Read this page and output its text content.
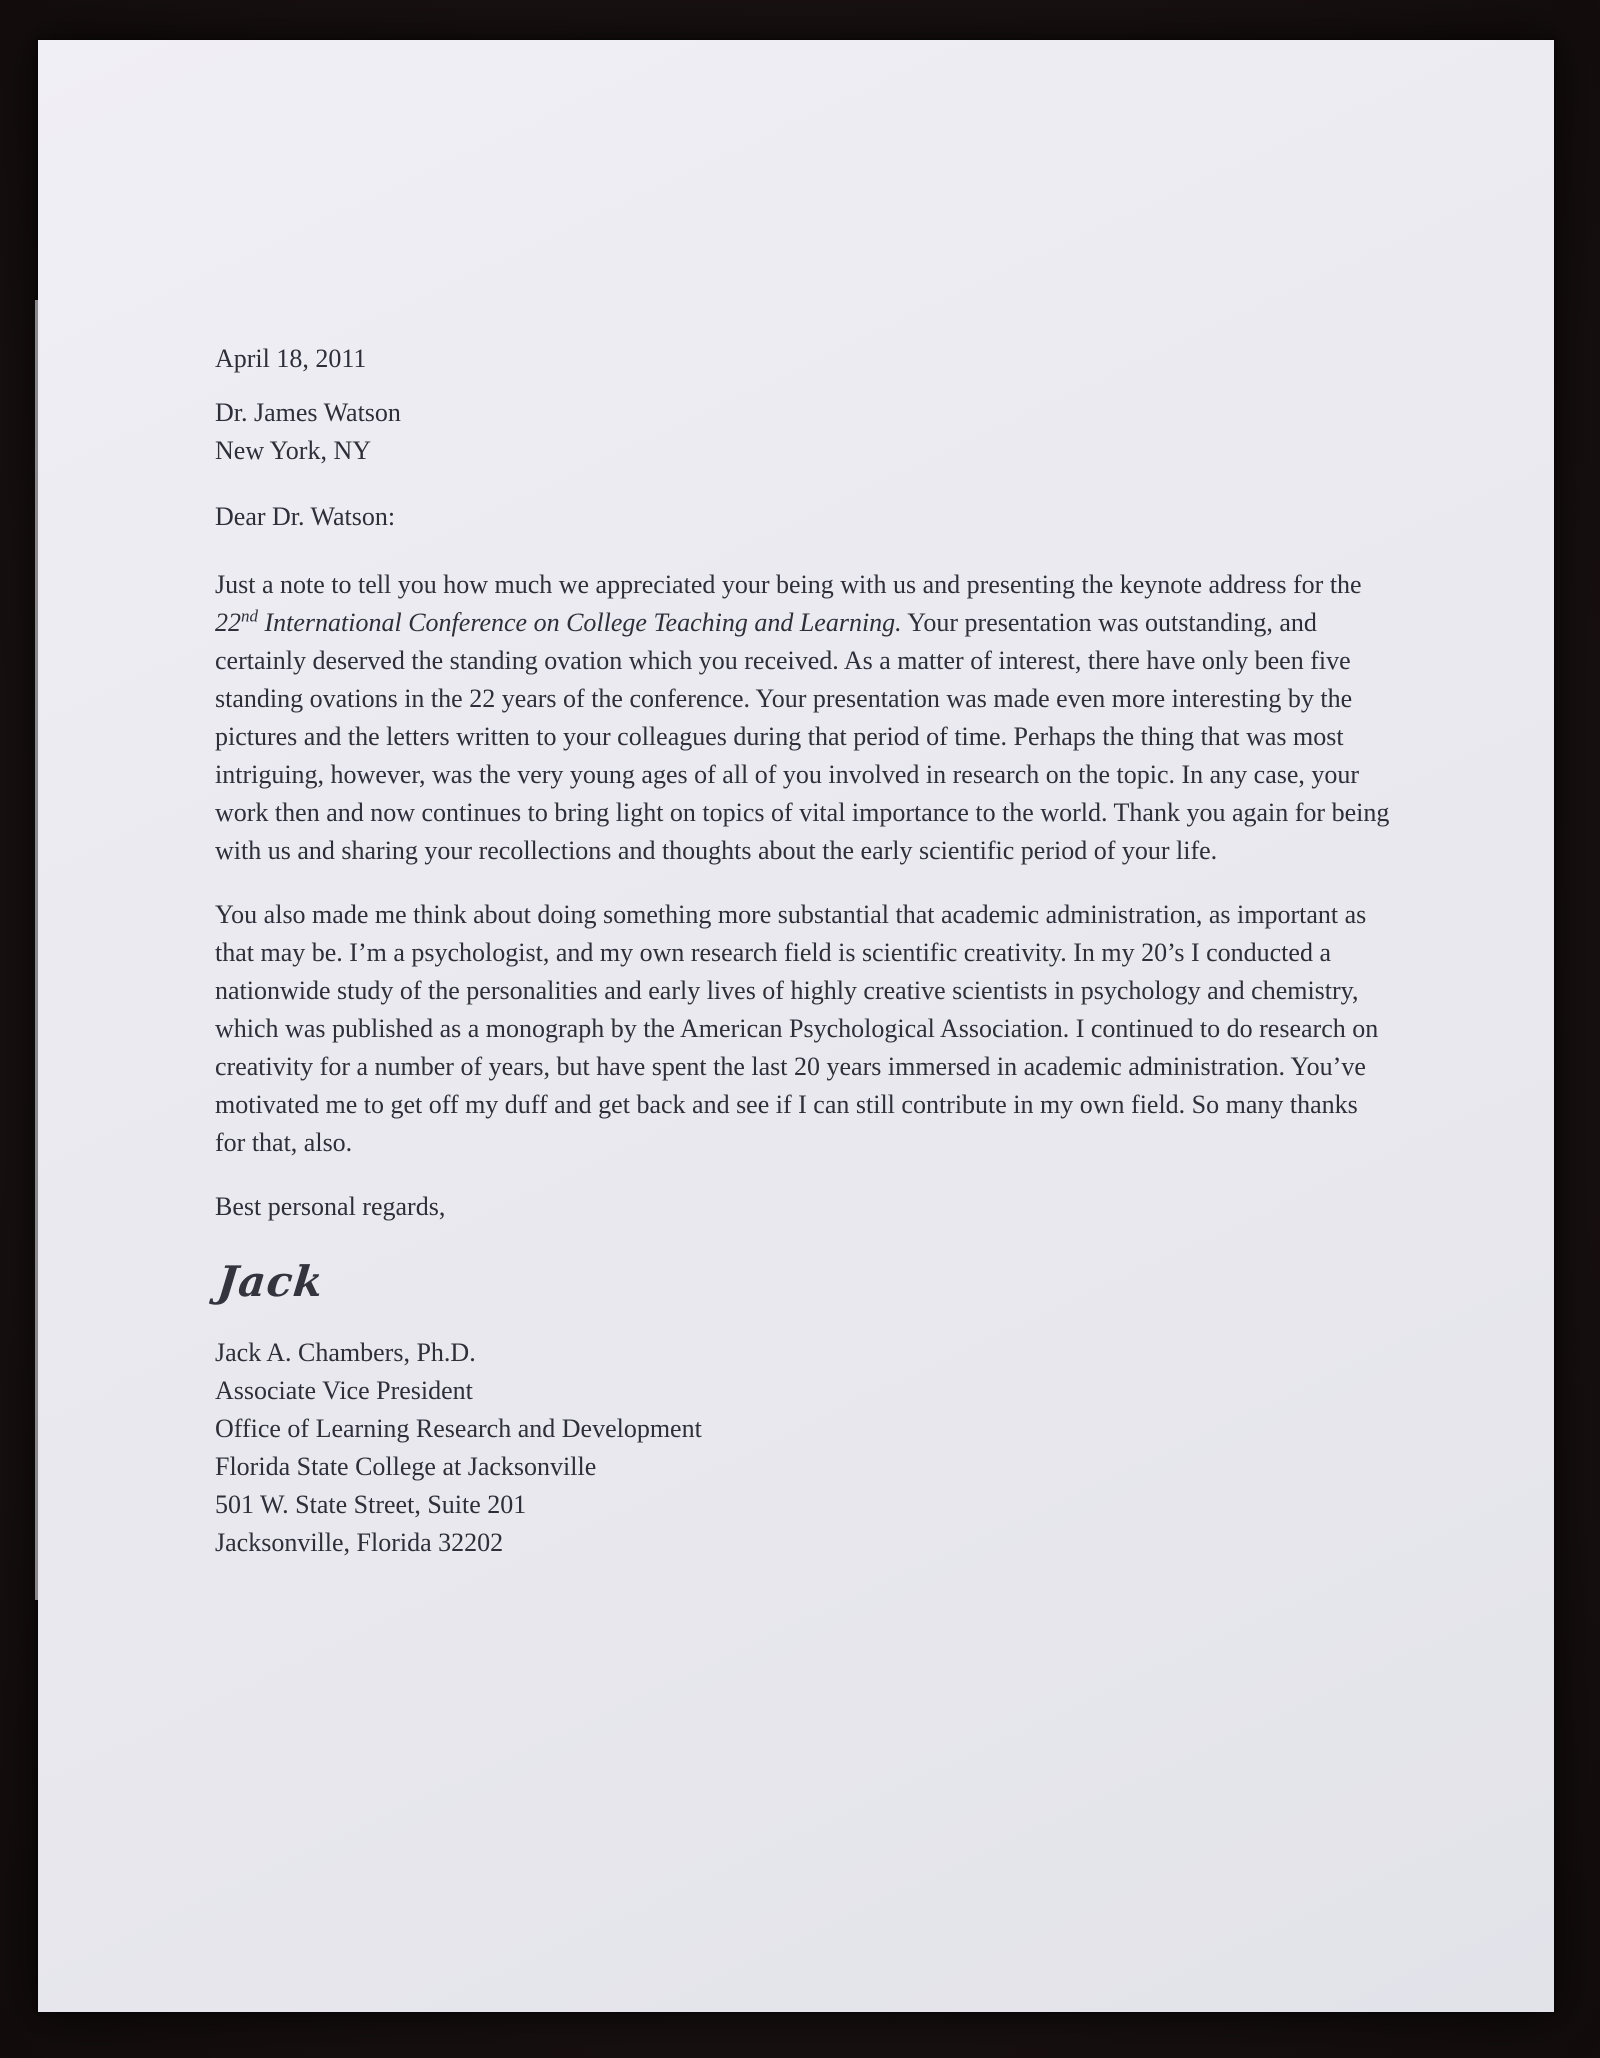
April 18, 2011

Dr. James Watson
New York, NY
Dear Dr. Watson:

Just a note to tell you how much we appreciated your being with us and presenting the keynote address for the 22nd International Conference on College Teaching and Learning. Your presentation was outstanding, and certainly deserved the standing ovation which you received. As a matter of interest, there have only been five standing ovations in the 22 years of the conference. Your presentation was made even more interesting by the pictures and the letters written to your colleagues during that period of time. Perhaps the thing that was most intriguing, however, was the very young ages of all of you involved in research on the topic. In any case, your work then and now continues to bring light on topics of vital importance to the world. Thank you again for being with us and sharing your recollections and thoughts about the early scientific period of your life.

You also made me think about doing something more substantial that academic administration, as important as that may be. I’m a psychologist, and my own research field is scientific creativity. In my 20’s I conducted a nationwide study of the personalities and early lives of highly creative scientists in psychology and chemistry, which was published as a monograph by the American Psychological Association. I continued to do research on creativity for a number of years, but have spent the last 20 years immersed in academic administration. You’ve motivated me to get off my duff and get back and see if I can still contribute in my own field. So many thanks for that, also.

Best personal regards,
Jack

Jack A. Chambers, Ph.D.

Associate Vice President

Office of Learning Research and Development

Florida State College at Jacksonville

501 W. State Street, Suite 201

Jacksonville, Florida 32202
